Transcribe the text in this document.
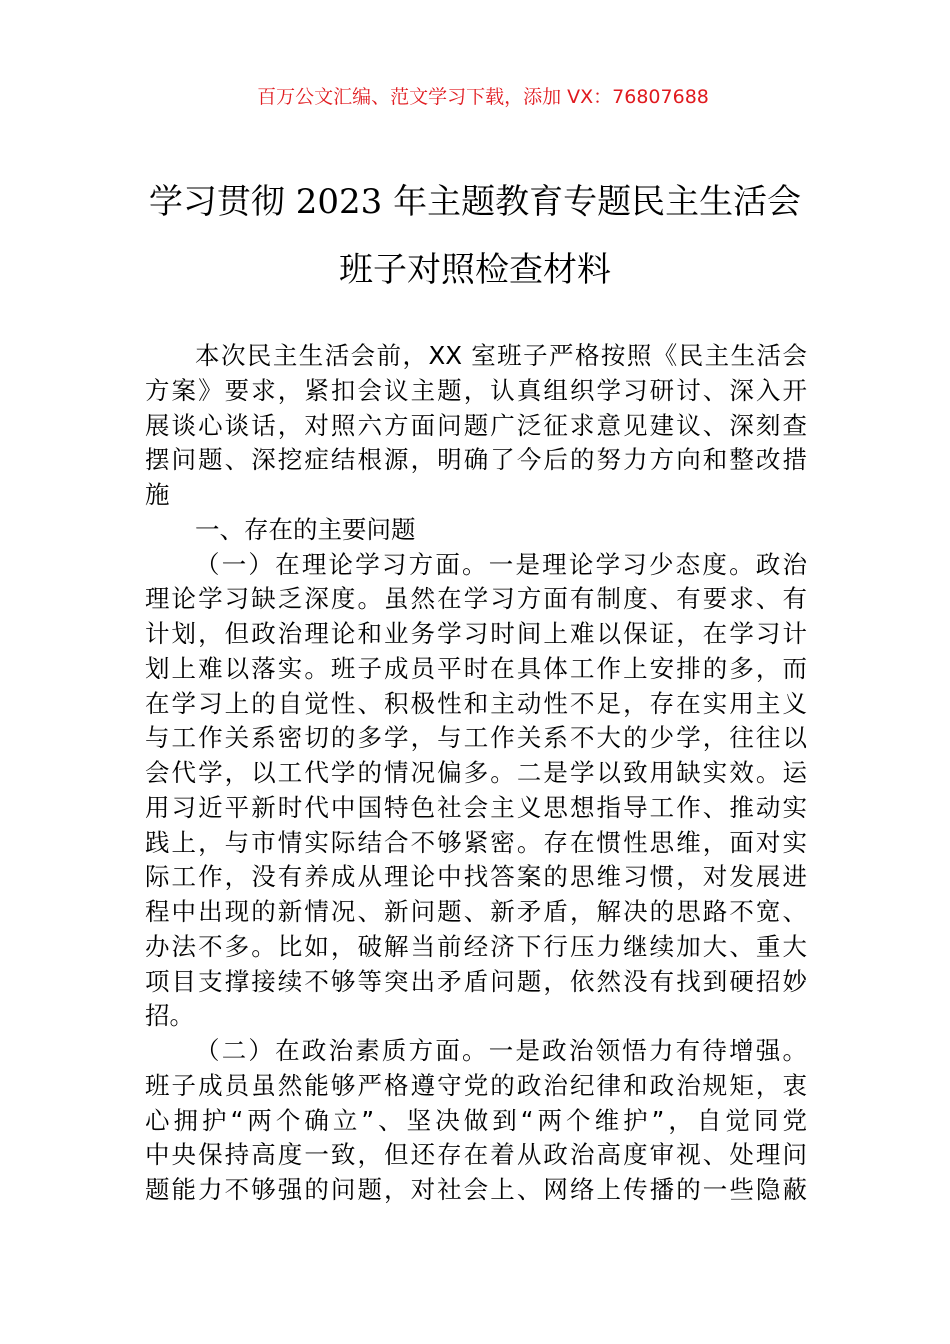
百万公文汇编、范文学习下载，添加 VX：76807688
学习贯彻 2023 年主题教育专题民主生活会
班子对照检查材料
本次民主生活会前，XX 室班子严格按照《民主生活会
方案》要求，紧扣会议主题，认真组织学习研讨、深入开
展谈心谈话，对照六方面问题广泛征求意见建议、深刻查
摆问题、深挖症结根源，明确了今后的努力方向和整改措
施
一、存在的主要问题
（一）在理论学习方面。一是理论学习少态度。政治
理论学习缺乏深度。虽然在学习方面有制度、有要求、有
计划，但政治理论和业务学习时间上难以保证，在学习计
划上难以落实。班子成员平时在具体工作上安排的多，而
在学习上的自觉性、积极性和主动性不足，存在实用主义
与工作关系密切的多学，与工作关系不大的少学，往往以
会代学，以工代学的情况偏多。二是学以致用缺实效。运
用习近平新时代中国特色社会主义思想指导工作、推动实
践上，与市情实际结合不够紧密。存在惯性思维，面对实
际工作，没有养成从理论中找答案的思维习惯，对发展进
程中出现的新情况、新问题、新矛盾，解决的思路不宽、
办法不多。比如，破解当前经济下行压力继续加大、重大
项目支撑接续不够等突出矛盾问题，依然没有找到硬招妙
招。
（二）在政治素质方面。一是政治领悟力有待增强。
班子成员虽然能够严格遵守党的政治纪律和政治规矩，衷
心拥护“两个确立”、坚决做到“两个维护”，自觉同党
中央保持高度一致，但还存在着从政治高度审视、处理问
题能力不够强的问题，对社会上、网络上传播的一些隐蔽
